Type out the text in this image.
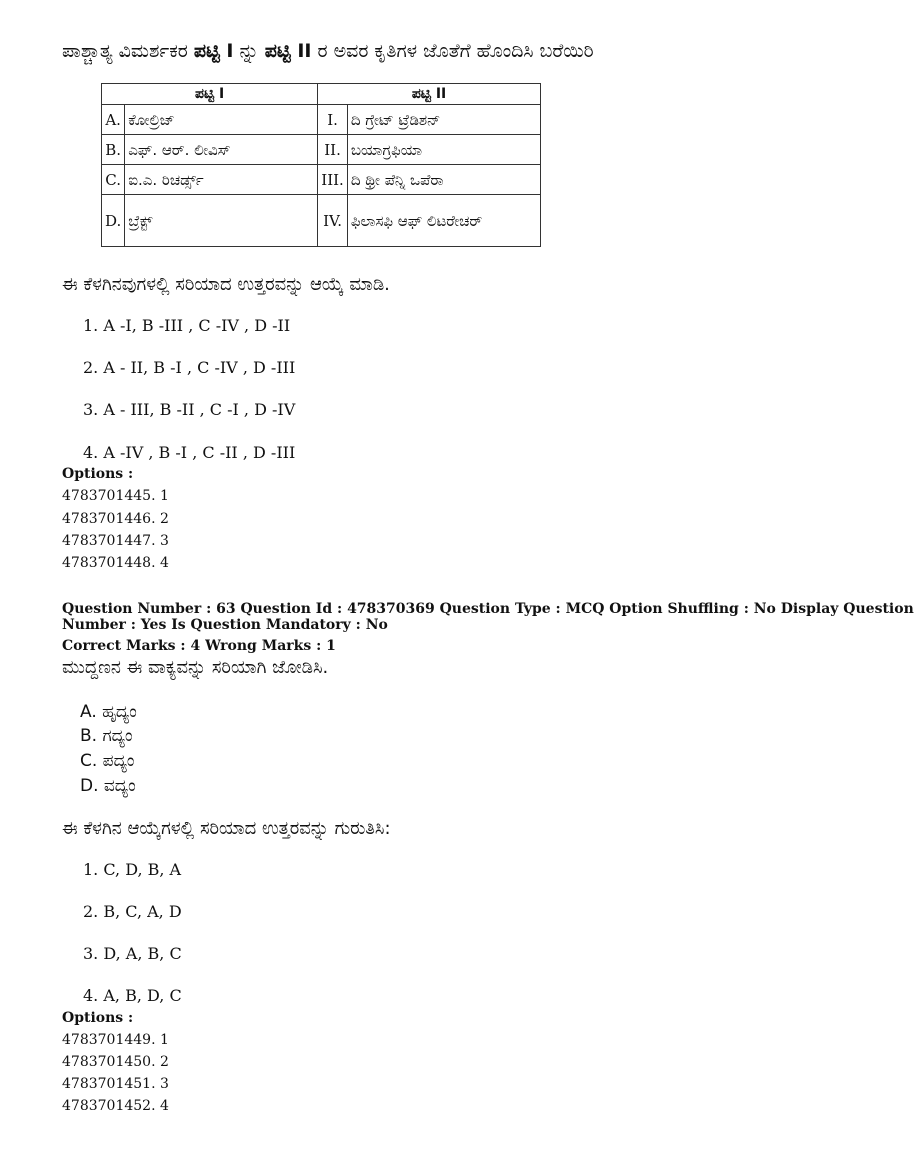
ಪಾಶ್ಚಾತ್ಯ ವಿಮರ್ಶಕರ ಪಟ್ಟಿ I ನ್ನು ಪಟ್ಟಿ II ರ ಅವರ ಕೃತಿಗಳ ಜೊತೆಗೆ ಹೊಂದಿಸಿ ಬರೆಯಿರಿ
ಪಟ್ಟಿ I		ಪಟ್ಟಿ II	
A.	ಕೋಲ್ರಿಜ್	I.	ದಿ ಗ್ರೇಟ್ ಟ್ರೆಡಿಶನ್
B.	ಎಫ್. ಆರ್. ಲೀವಿಸ್	II.	ಬಯಾಗ್ರಫಿಯಾ
C.	ಐ.ಎ. ರಿಚರ್ಡ್ಸ್	III.	ದಿ ಥ್ರೀ ಪೆನ್ನಿ ಒಪೆರಾ
D.	ಬ್ರೆಕ್ಟ್	IV.	ಫಿಲಾಸಫಿ ಆಫ್ ಲಿಟರೇಚರ್
ಈ ಕೆಳಗಿನವುಗಳಲ್ಲಿ ಸರಿಯಾದ ಉತ್ತರವನ್ನು ಆಯ್ಕೆ ಮಾಡಿ.
1. A -I, B -III , C -IV , D -II
2. A - II, B -I , C -IV , D -III
3. A - III, B -II , C -I , D -IV
4. A -IV , B -I , C -II , D -III
Options :
4783701445. 1
4783701446. 2
4783701447. 3
4783701448. 4
Question Number : 63 Question Id : 478370369 Question Type : MCQ Option Shuffling : No Display Question
Number : Yes Is Question Mandatory : No
Correct Marks : 4 Wrong Marks : 1
ಮುದ್ದಣನ ಈ ವಾಕ್ಯವನ್ನು ಸರಿಯಾಗಿ ಜೋಡಿಸಿ.
A. ಹೃದ್ಯಂ
B. ಗದ್ಯಂ
C. ಪದ್ಯಂ
D. ವದ್ಯಂ
ಈ ಕೆಳಗಿನ ಆಯ್ಕೆಗಳಲ್ಲಿ ಸರಿಯಾದ ಉತ್ತರವನ್ನು ಗುರುತಿಸಿ:
1. C, D, B, A
2. B, C, A, D
3. D, A, B, C
4. A, B, D, C
Options :
4783701449. 1
4783701450. 2
4783701451. 3
4783701452. 4
